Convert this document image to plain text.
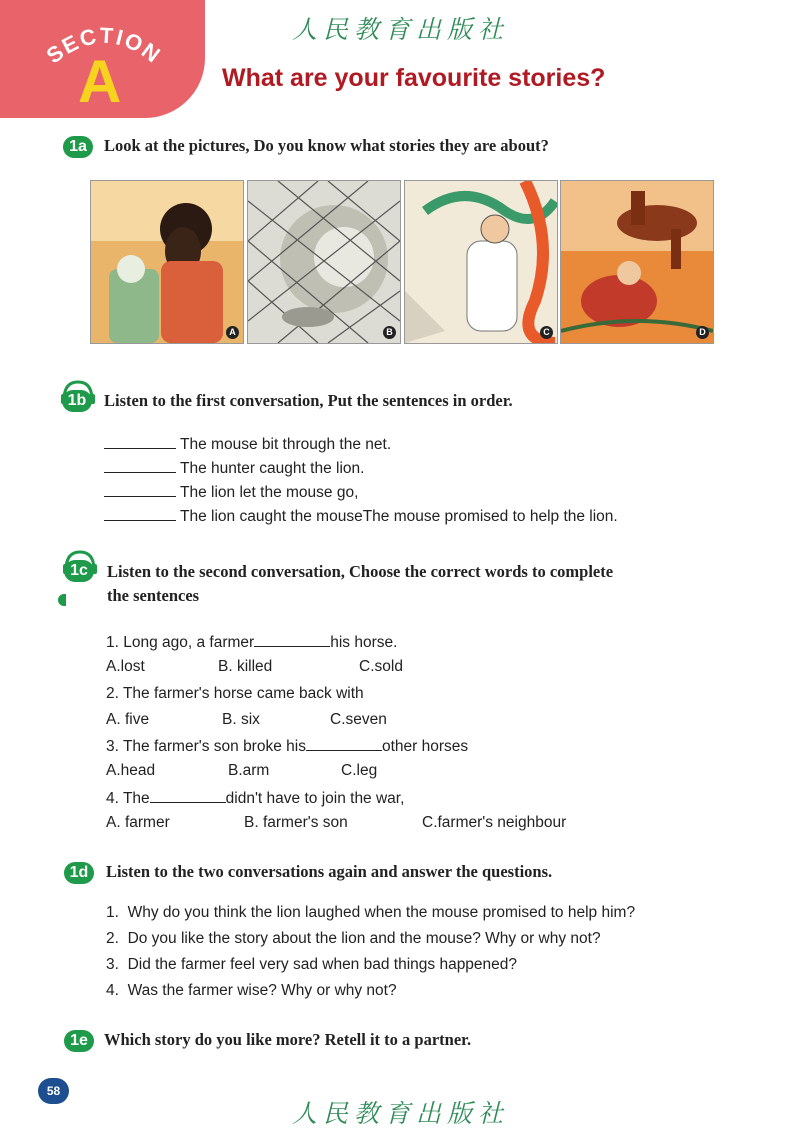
人民教育出版社
SECTION
A	What are your favourite stories?
1a	Look at the pictures, Do you know what stories they are about?
A	B	C	D
1b	Listen to the first conversation, Put the sentences in order.
The mouse bit through the net.
The hunter caught the lion.
The lion let the mouse go,
The lion caught the mouseThe mouse promised to help the lion.
1c	Listen to the second conversation, Choose the correct words to complete
the sentences
1. Long ago, a farmer	his horse.
A.lost	B. killed	C.sold
2. The farmer's horse came back with
A. five	B. six	C.seven
3. The farmer's son broke his	other horses
A.head	B.arm	C.leg
4. The	didn't have to join the war,
A. farmer	B. farmer's son	C.farmer's neighbour
1d	Listen to the two conversations again and answer the questions.
1. Why do you think the lion laughed when the mouse promised to help him?
2. Do you like the story about the lion and the mouse? Why or why not?
3. Did the farmer feel very sad when bad things happened?
4. Was the farmer wise? Why or why not?
1e Which story do you like more? Retell it to a partner.
58
人民教育出版社
